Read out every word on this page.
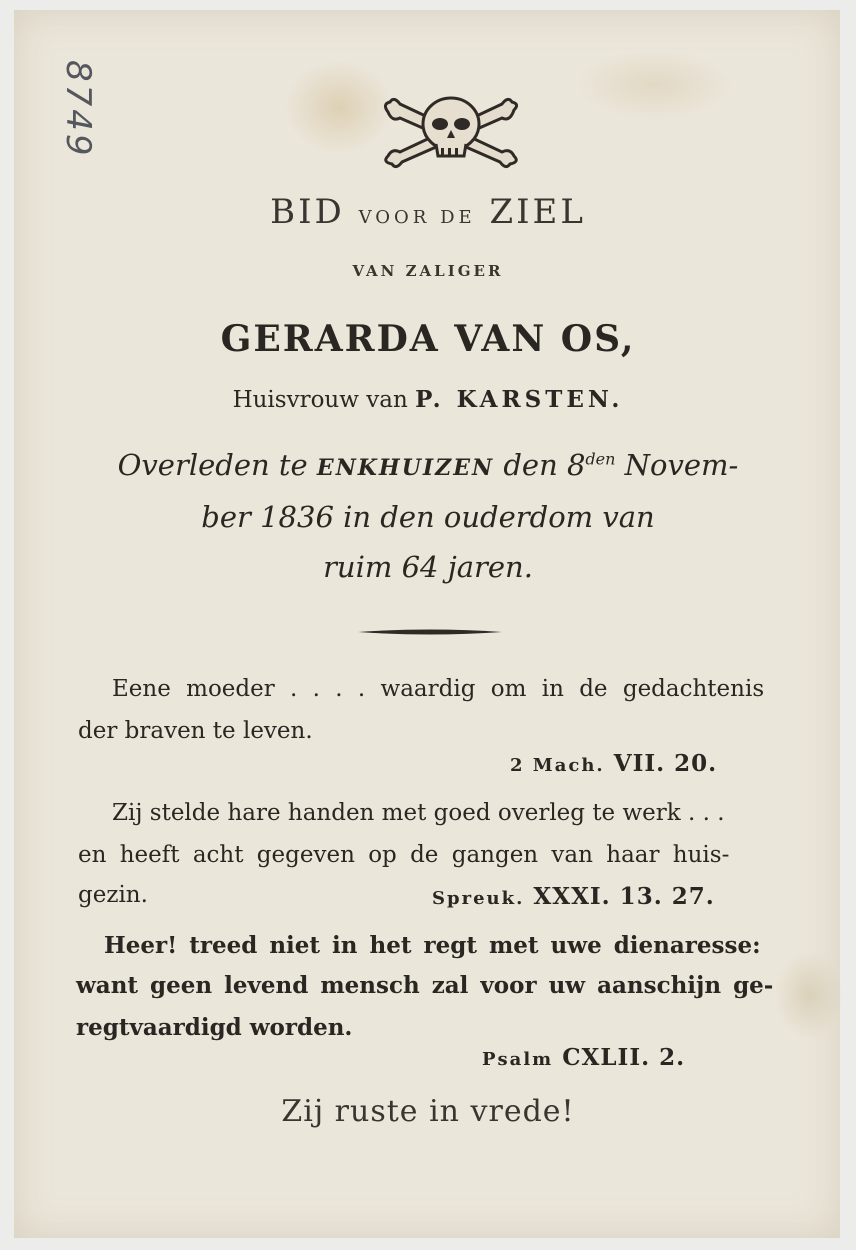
8749
BID VOOR DE ZIEL
VAN ZALIGER
GERARDA VAN OS,
Huisvrouw van P. KARSTEN.
Overleden te ENKHUIZEN den $8^{den}$ Novem-
ber 1836 in den ouderdom van
ruim 64 jaren.
Eene moeder . . . . waardig om in de gedachtenis
der braven te leven.
2 Mach. VII. 20.
Zij stelde hare handen met goed overleg te werk . . .
en heeft acht gegeven op de gangen van haar huis-
gezin.	Spreuk. XXXI. 13. 27.
Heer! treed niet in het regt met uwe dienaresse:
want geen levend mensch zal voor uw aanschijn ge-
regtvaardigd worden.
Psalm CXLII. 2.
Zij ruste in vrede!
